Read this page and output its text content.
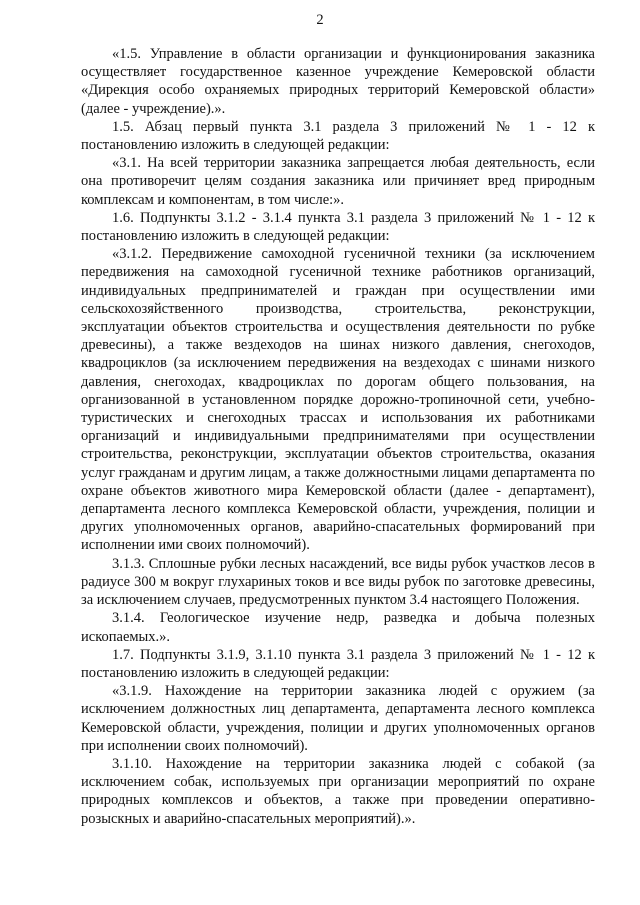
2

«1.5. Управление в области организации и функционирования заказника осуществляет государственное казенное учреждение Кемеровской области «Дирекция особо охраняемых природных территорий Кемеровской области» (далее - учреждение).».

1.5. Абзац первый пункта 3.1 раздела 3 приложений № 1 - 12 к постановлению изложить в следующей редакции:

«3.1. На всей территории заказника запрещается любая деятельность, если она противоречит целям создания заказника или причиняет вред природным комплексам и компонентам, в том числе:».

1.6. Подпункты 3.1.2 - 3.1.4 пункта 3.1 раздела 3 приложений № 1 - 12 к постановлению изложить в следующей редакции:

«3.1.2. Передвижение самоходной гусеничной техники (за исключением передвижения на самоходной гусеничной технике работников организаций, индивидуальных предпринимателей и граждан при осуществлении ими сельскохозяйственного производства, строительства, реконструкции, эксплуатации объектов строительства и осуществления деятельности по рубке древесины), а также вездеходов на шинах низкого давления, снегоходов, квадроциклов (за исключением передвижения на вездеходах с шинами низкого давления, снегоходах, квадроциклах по дорогам общего пользования, на организованной в установленном порядке дорожно-тропиночной сети, учебно-туристических и снегоходных трассах и использования их работниками организаций и индивидуальными предпринимателями при осуществлении строительства, реконструкции, эксплуатации объектов строительства, оказания услуг гражданам и другим лицам, а также должностными лицами департамента по охране объектов животного мира Кемеровской области (далее - департамент), департамента лесного комплекса Кемеровской области, учреждения, полиции и других уполномоченных органов, аварийно-спасательных формирований при исполнении ими своих полномочий).

3.1.3. Сплошные рубки лесных насаждений, все виды рубок участков лесов в радиусе 300 м вокруг глухариных токов и все виды рубок по заготовке древесины, за исключением случаев, предусмотренных пунктом 3.4 настоящего Положения.

3.1.4. Геологическое изучение недр, разведка и добыча полезных ископаемых.».

1.7. Подпункты 3.1.9, 3.1.10 пункта 3.1 раздела 3 приложений № 1 - 12 к постановлению изложить в следующей редакции:

«3.1.9. Нахождение на территории заказника людей с оружием (за исключением должностных лиц департамента, департамента лесного комплекса Кемеровской области, учреждения, полиции и других уполномоченных органов при исполнении своих полномочий).

3.1.10. Нахождение на территории заказника людей с собакой (за исключением собак, используемых при организации мероприятий по охране природных комплексов и объектов, а также при проведении оперативно-розыскных и аварийно-спасательных мероприятий).».
